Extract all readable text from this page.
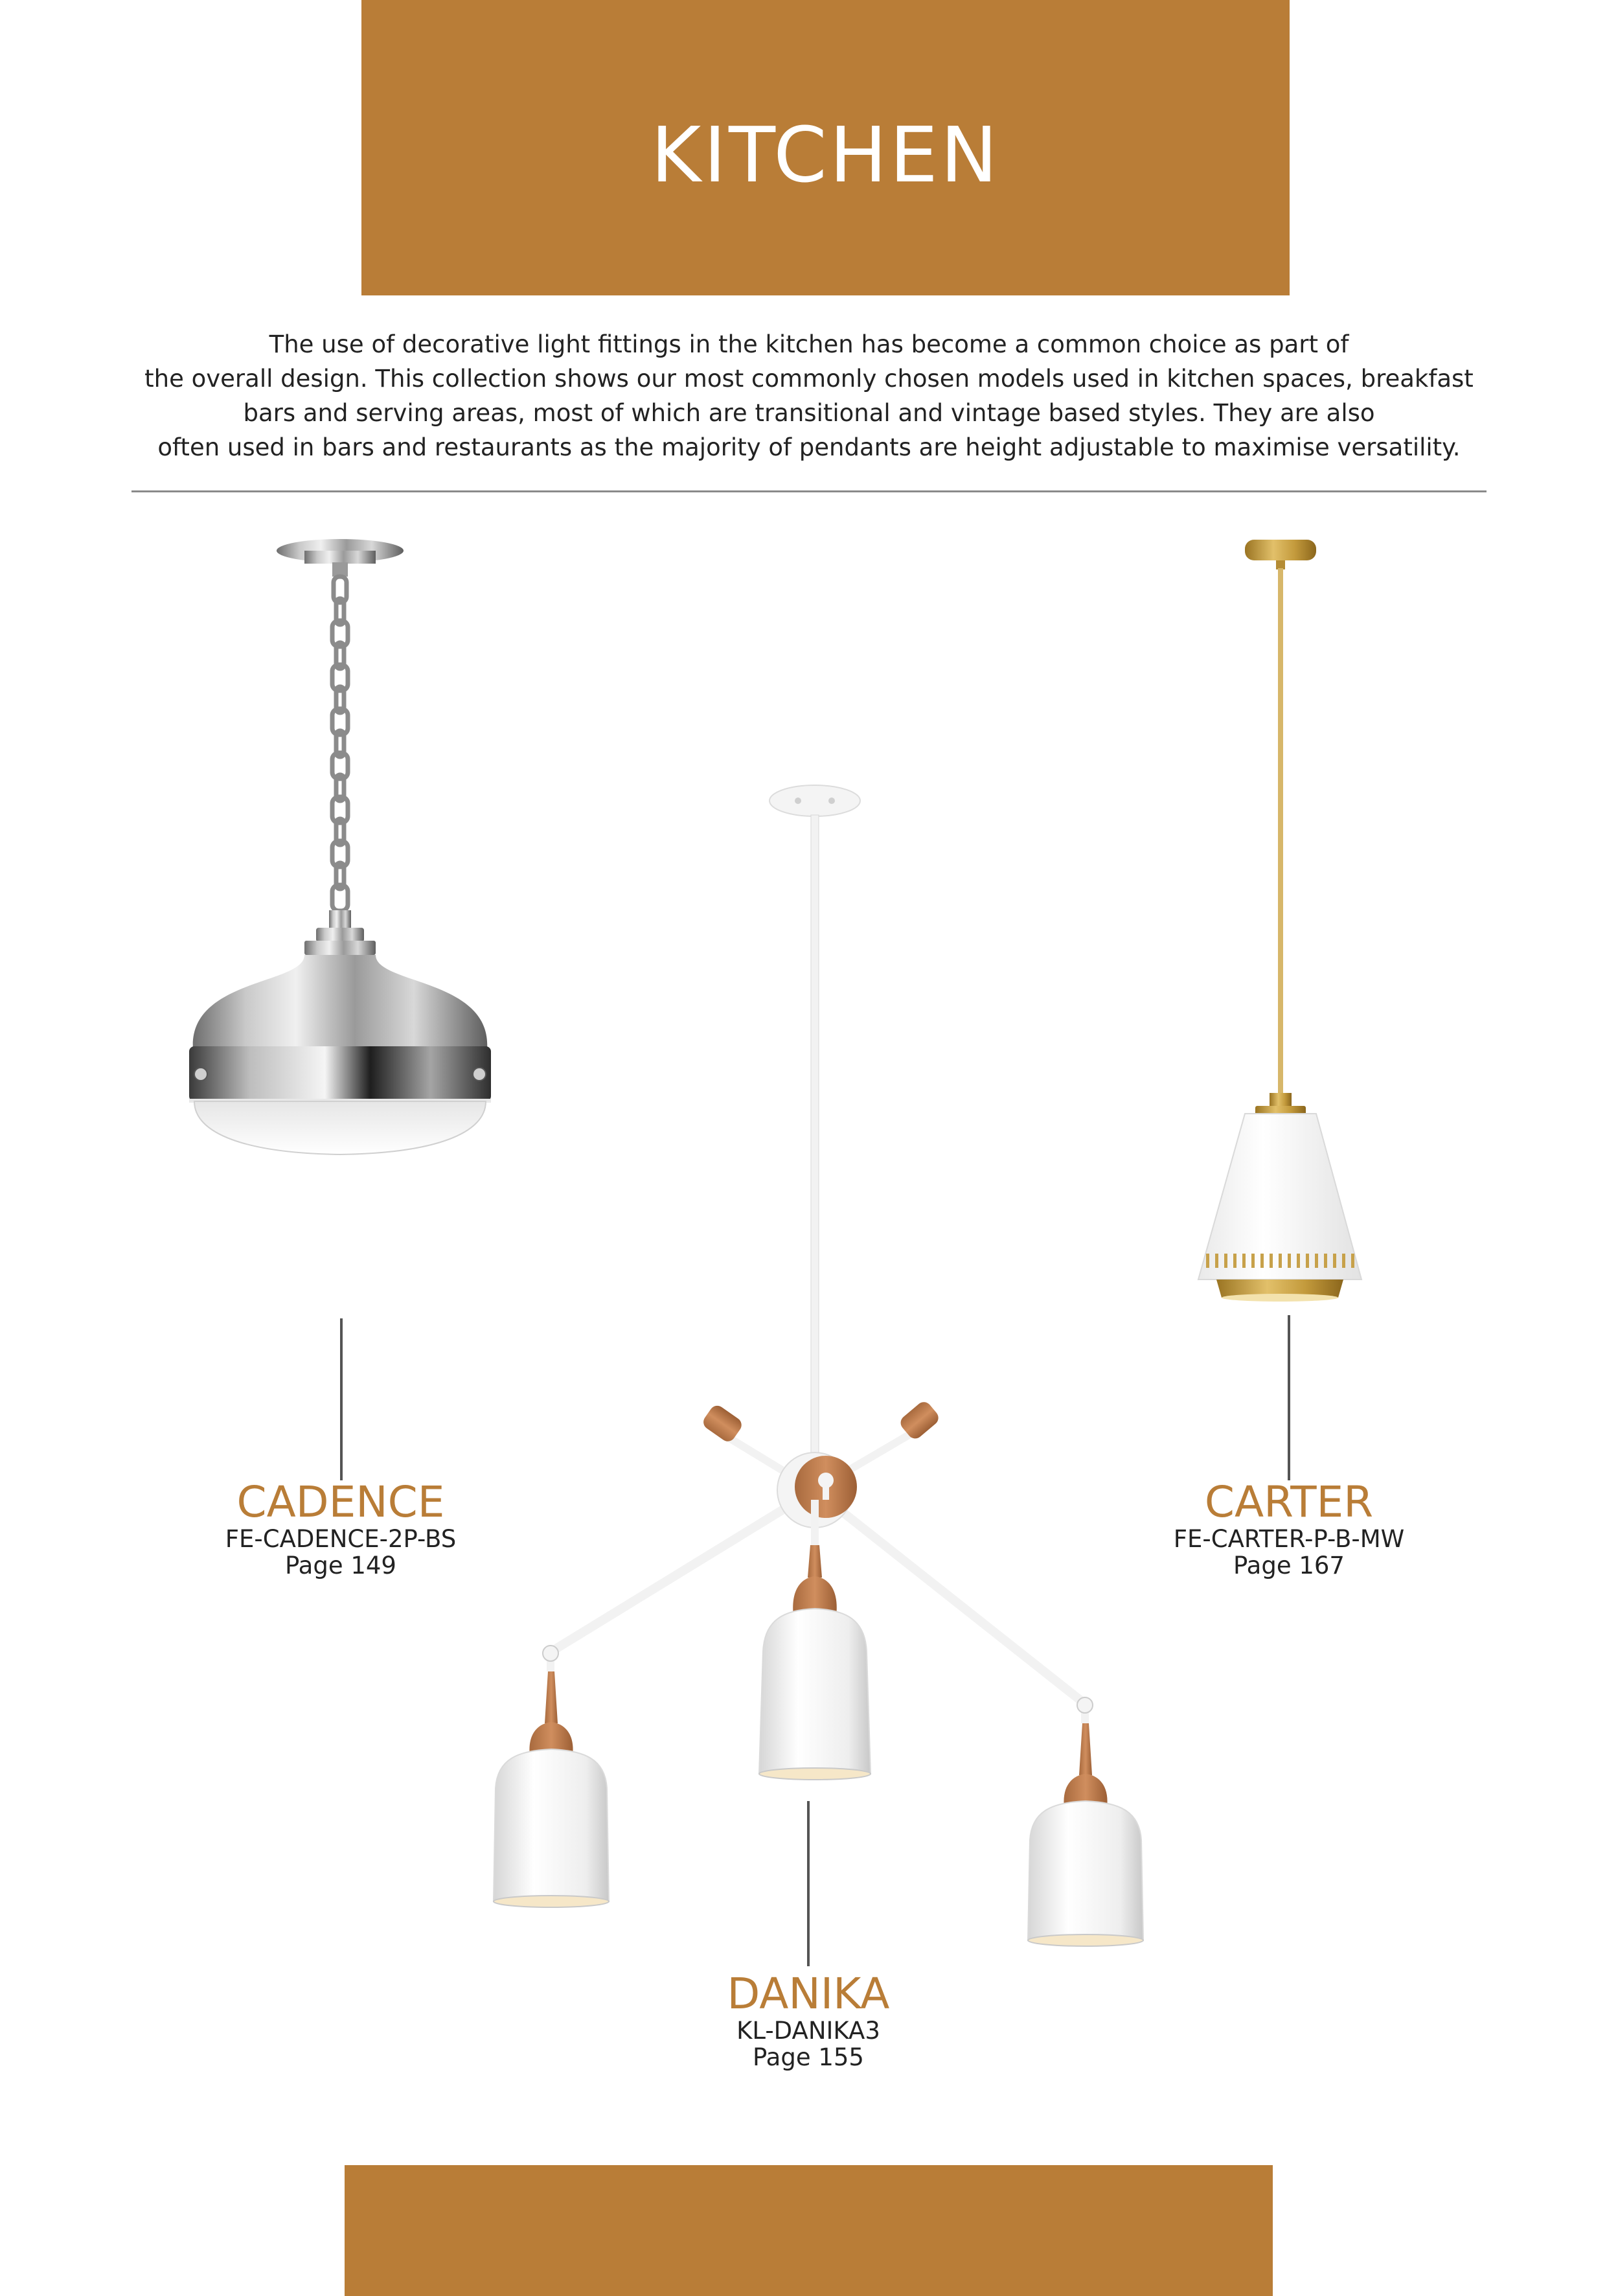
KITCHEN
The use of decorative light fittings in the kitchen has become a common choice as part of
the overall design. This collection shows our most commonly chosen models used in kitchen spaces, breakfast
bars and serving areas, most of which are transitional and vintage based styles. They are also
often used in bars and restaurants as the majority of pendants are height adjustable to maximise versatility.
CADENCE
FE-CADENCE-2P-BS
Page 149
DANIKA
KL-DANIKA3
Page 155
CARTER
FE-CARTER-P-B-MW
Page 167
